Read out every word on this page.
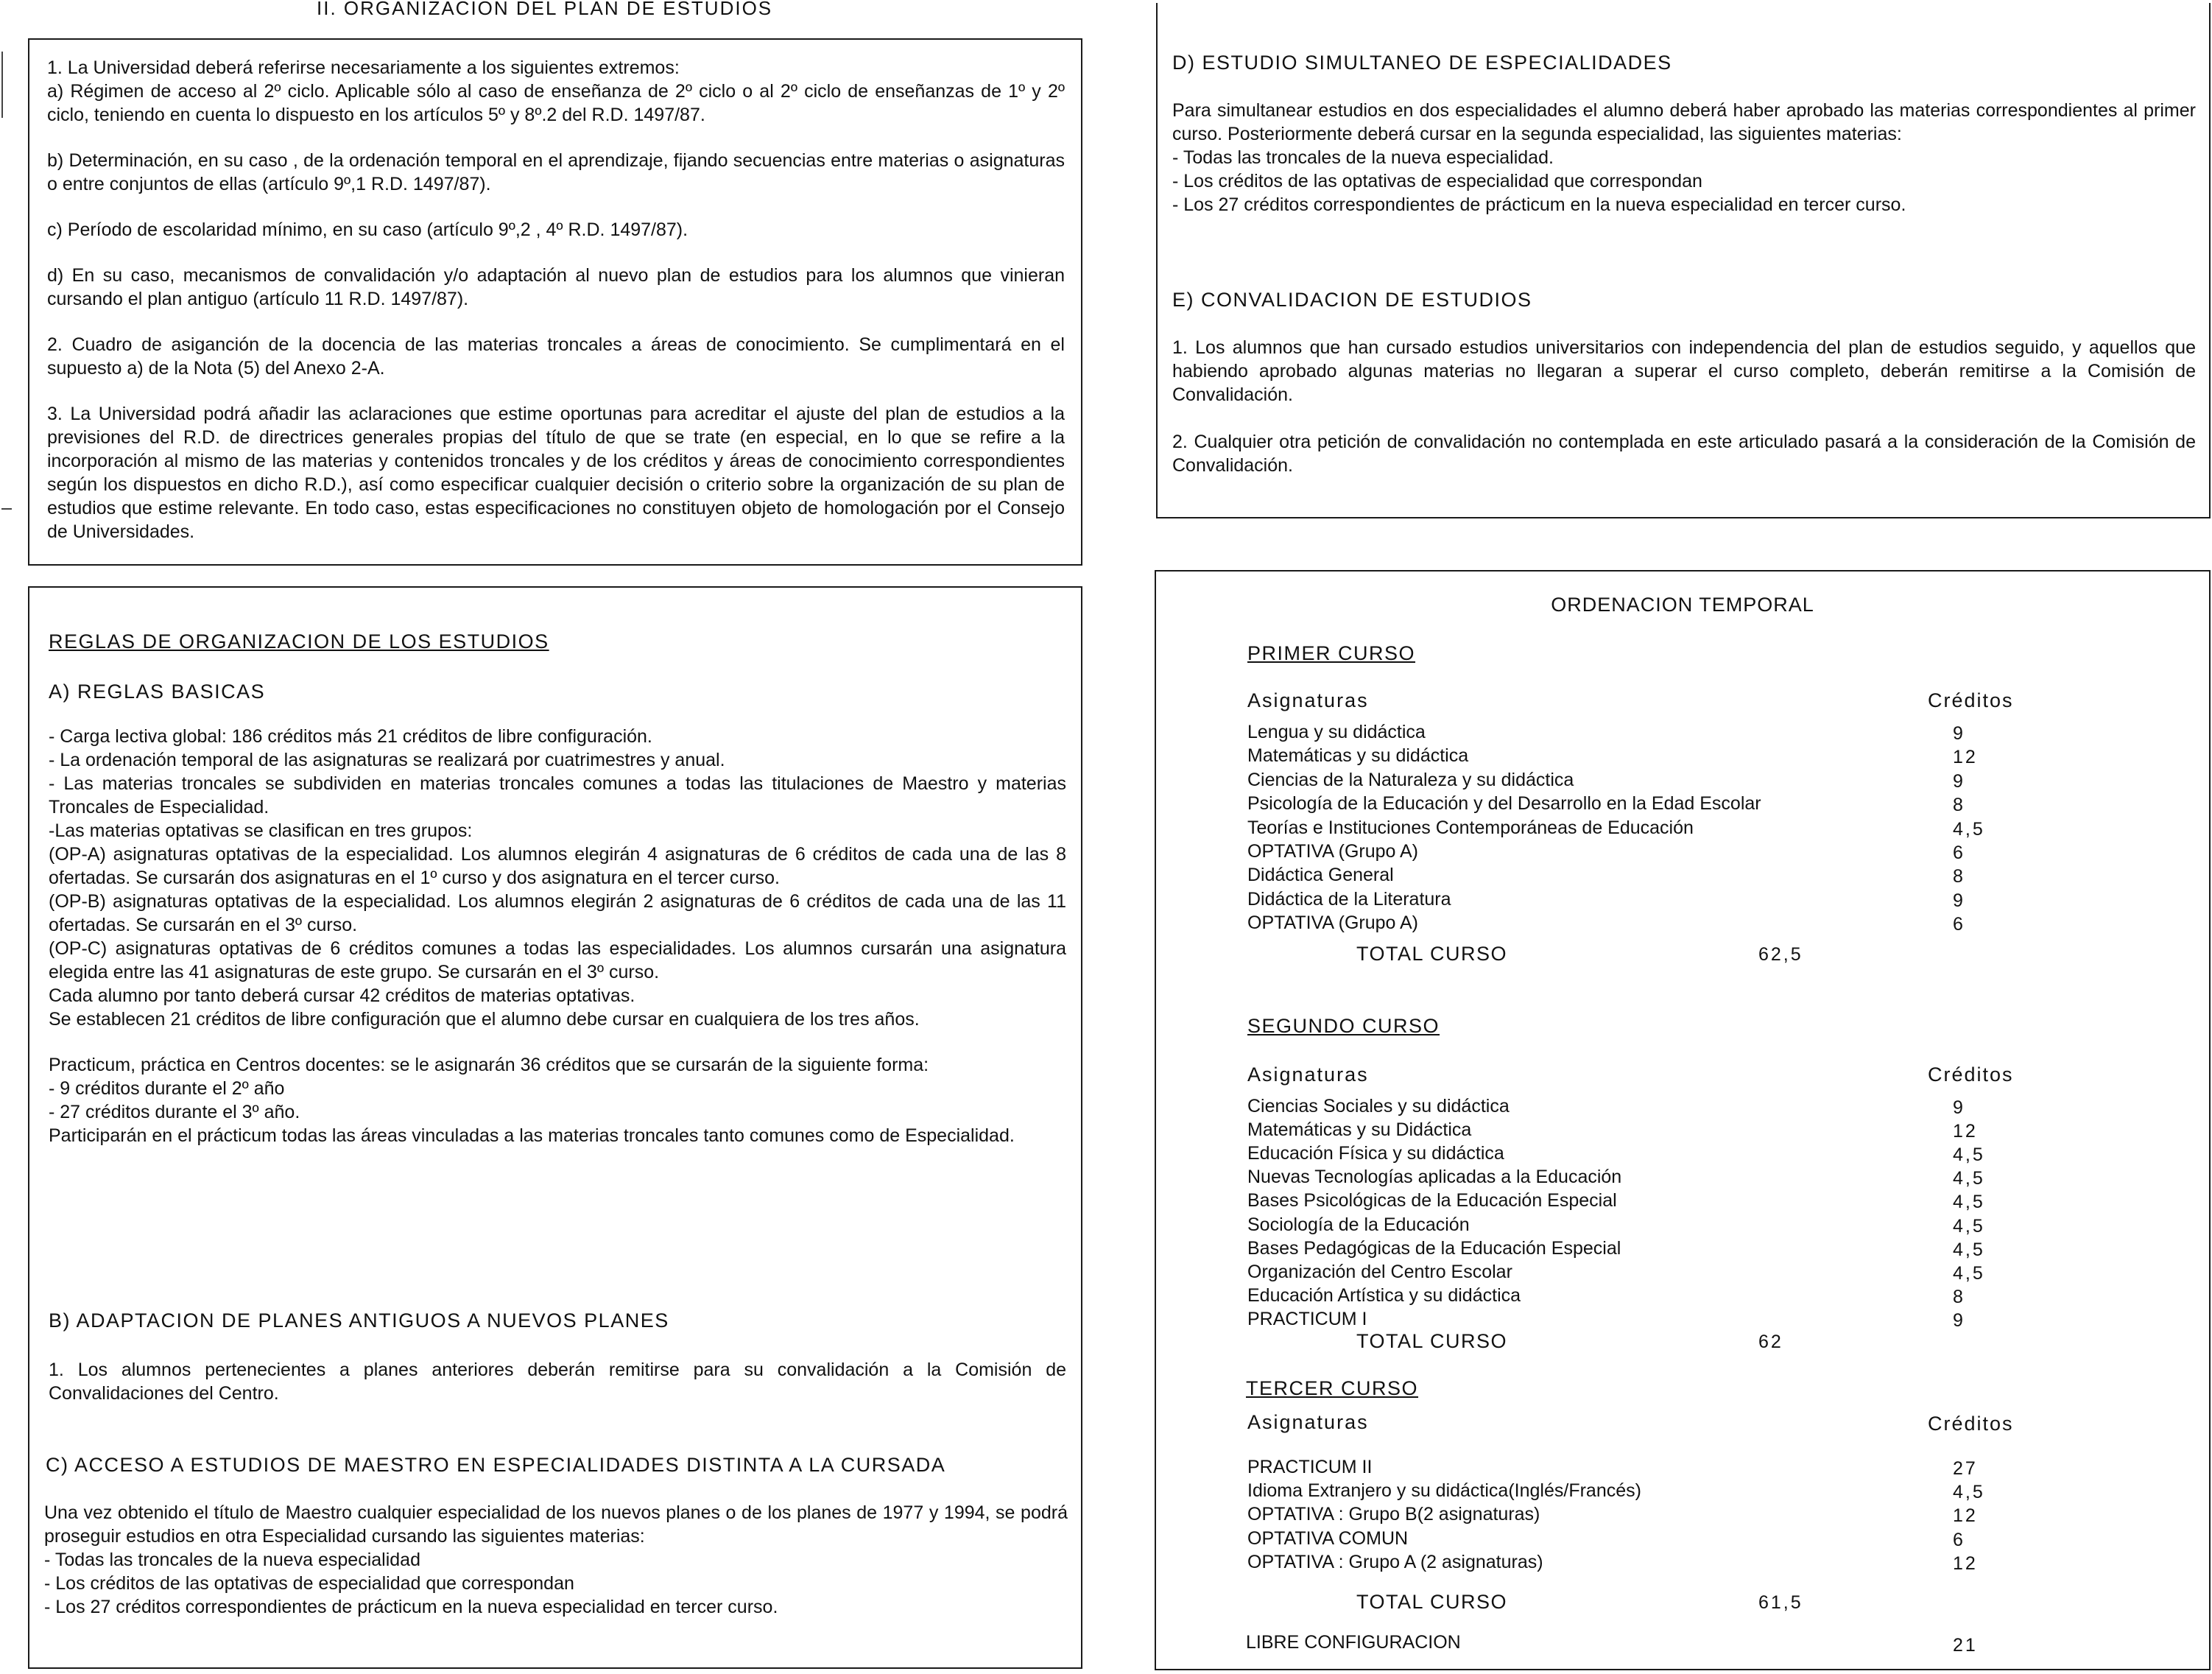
II. ORGANIZACION DEL PLAN DE ESTUDIOS

1. La Universidad deberá referirse necesariamente a los siguientes extremos:

a) Régimen de acceso al 2º ciclo. Aplicable sólo al caso de enseñanza de 2º ciclo o al 2º ciclo de enseñanzas de 1º y 2º ciclo, teniendo en cuenta lo dispuesto en los artículos 5º y 8º.2 del R.D. 1497/87.

b) Determinación, en su caso , de la ordenación temporal en el aprendizaje, fijando secuencias entre materias o asignaturas o entre conjuntos de ellas (artículo 9º,1 R.D. 1497/87).

c) Período de escolaridad mínimo, en su caso (artículo 9º,2 , 4º R.D. 1497/87).

d) En su caso, mecanismos de convalidación y/o adaptación al nuevo plan de estudios para los alumnos que vinieran cursando el plan antiguo (artículo 11 R.D. 1497/87).

2. Cuadro de asiganción de la docencia de las materias troncales a áreas de conocimiento. Se cumplimentará en el supuesto a) de la Nota (5) del Anexo 2-A.

3. La Universidad podrá añadir las aclaraciones que estime oportunas para acreditar el ajuste del plan de estudios a la previsiones del R.D. de directrices generales propias del título de que se trate (en especial, en lo que se refire a la incorporación al mismo de las materias y contenidos troncales y de los créditos y áreas de conocimiento correspondientes según los dispuestos en dicho R.D.), así como especificar cualquier decisión o criterio sobre la organización de su plan de estudios que estime relevante. En todo caso, estas especificaciones no constituyen objeto de homologación por el Consejo de Universidades.

REGLAS DE ORGANIZACION DE LOS ESTUDIOS
A) REGLAS BASICAS

- Carga lectiva global: 186 créditos más 21 créditos de libre configuración.

- La ordenación temporal de las asignaturas se realizará por cuatrimestres y anual.

- Las materias troncales se subdividen en materias troncales comunes a todas las titulaciones de Maestro y materias Troncales de Especialidad.

-Las materias optativas se clasifican en tres grupos:

(OP-A) asignaturas optativas de la especialidad. Los alumnos elegirán 4 asignaturas de 6 créditos de cada una de las 8 ofertadas. Se cursarán dos asignaturas en el 1º curso y dos asignatura en el tercer curso.

(OP-B) asignaturas optativas de la especialidad. Los alumnos elegirán 2 asignaturas de 6 créditos de cada una de las 11 ofertadas. Se cursarán en el 3º curso.

(OP-C) asignaturas optativas de 6 créditos comunes a todas las especialidades. Los alumnos cursarán una asignatura elegida entre las 41 asignaturas de este grupo. Se cursarán en el 3º curso.

Cada alumno por tanto deberá cursar 42 créditos de materias optativas.

Se establecen 21 créditos de libre configuración que el alumno debe cursar en cualquiera de los tres años.

Practicum, práctica en Centros docentes: se le asignarán 36 créditos que se cursarán de la siguiente forma:

- 9 créditos durante el 2º año

- 27 créditos durante el 3º año.

Participarán en el prácticum todas las áreas vinculadas a las materias troncales tanto comunes como de Especialidad.

B) ADAPTACION DE PLANES ANTIGUOS A NUEVOS PLANES
1. Los alumnos pertenecientes a planes anteriores deberán remitirse para su convalidación a la Comisión de Convalidaciones del Centro.
C) ACCESO A ESTUDIOS DE MAESTRO EN ESPECIALIDADES DISTINTA A LA CURSADA

Una vez obtenido el título de Maestro cualquier especialidad de los nuevos planes o de los planes de 1977 y 1994, se podrá proseguir estudios en otra Especialidad cursando las siguientes materias:

- Todas las troncales de la nueva especialidad

- Los créditos de las optativas de especialidad que correspondan

- Los 27 créditos correspondientes de prácticum en la nueva especialidad en tercer curso.

D) ESTUDIO SIMULTANEO DE ESPECIALIDADES

Para simultanear estudios en dos especialidades el alumno deberá haber aprobado las materias correspondientes al primer curso. Posteriormente deberá cursar en la segunda especialidad, las siguientes materias:

- Todas las troncales de la nueva especialidad.

- Los créditos de las optativas de especialidad que correspondan

- Los 27 créditos correspondientes de prácticum en la nueva especialidad en tercer curso.

E) CONVALIDACION DE ESTUDIOS

1. Los alumnos que han cursado estudios universitarios con independencia del plan de estudios seguido, y aquellos que habiendo aprobado algunas materias no llegaran a superar el curso completo, deberán remitirse a la Comisión de Convalidación.

2. Cualquier otra petición de convalidación no contemplada en este articulado pasará a la consideración de la Comisión de Convalidación.

ORDENACION TEMPORAL
PRIMER CURSO
Asignaturas	Créditos
Lengua y su didáctica	9
Matemáticas y su didáctica	12
Ciencias de la Naturaleza y su didáctica	9
Psicología de la Educación y del Desarrollo en la Edad Escolar	8
Teorías e Instituciones Contemporáneas de Educación	4,5
OPTATIVA (Grupo A)	6
Didáctica General	8
Didáctica de la Literatura	9
OPTATIVA (Grupo A)	6
TOTAL CURSO	62,5
SEGUNDO CURSO
Asignaturas	Créditos
Ciencias Sociales y su didáctica	9
Matemáticas y su Didáctica	12
Educación Física y su didáctica	4,5
Nuevas Tecnologías aplicadas a la Educación	4,5
Bases Psicológicas de la Educación Especial	4,5
Sociología de la Educación	4,5
Bases Pedagógicas de la Educación Especial	4,5
Organización del Centro Escolar	4,5
Educación Artística y su didáctica	8
PRACTICUM I	9
TOTAL CURSO	62
TERCER CURSO
Asignaturas	Créditos
PRACTICUM II	27
Idioma Extranjero y su didáctica(Inglés/Francés)	4,5
OPTATIVA : Grupo B(2 asignaturas)	12
OPTATIVA COMUN	6
OPTATIVA : Grupo A (2 asignaturas)	12
TOTAL CURSO	61,5
LIBRE CONFIGURACION	21
